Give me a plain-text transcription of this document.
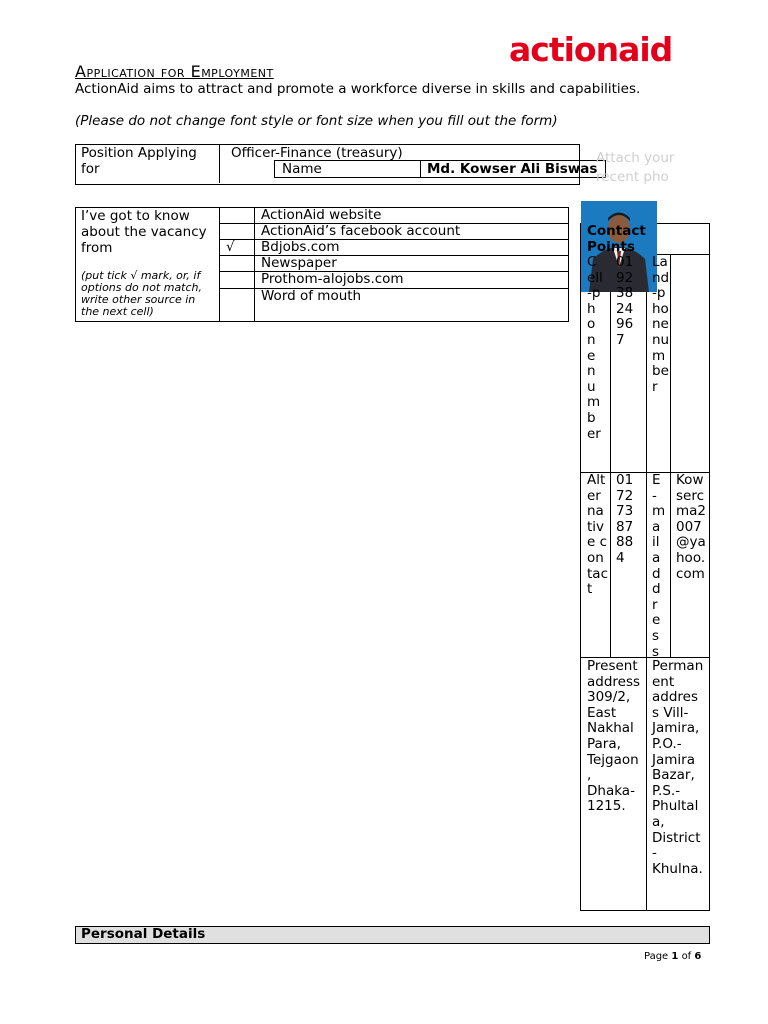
actionaid
Application for Employment
ActionAid aims to attract and promote a workforce diverse in skills and capabilities.
(Please do not change font style or font size when you fill out the form)
Position Applying for
Officer-Finance (treasury)
Name	Md. Kowser Ali Biswas
Attach your recent pho
I’ve got to know about the vacancy from
(put tick √ mark, or, if options do not match, write other source in the next cell)
ActionAid website
ActionAid’s facebook account
√ Bdjobs.com
Newspaper
Prothom-alojobs.com
Word of mouth
Contact Points
Cell-phone number
01 92 38 24 96 7
Land-phone number
Alternative contact
01 72 73 87 88 4
E-mail address
Kowsercma2007@yahoo.com
Present address 309/2, East Nakhal Para, Tejgaon, Dhaka-1215.
Permanent address Vill-Jamira, P.O.-Jamira Bazar, P.S.-Phultala, District-Khulna.
Personal Details
Page 1 of 6
